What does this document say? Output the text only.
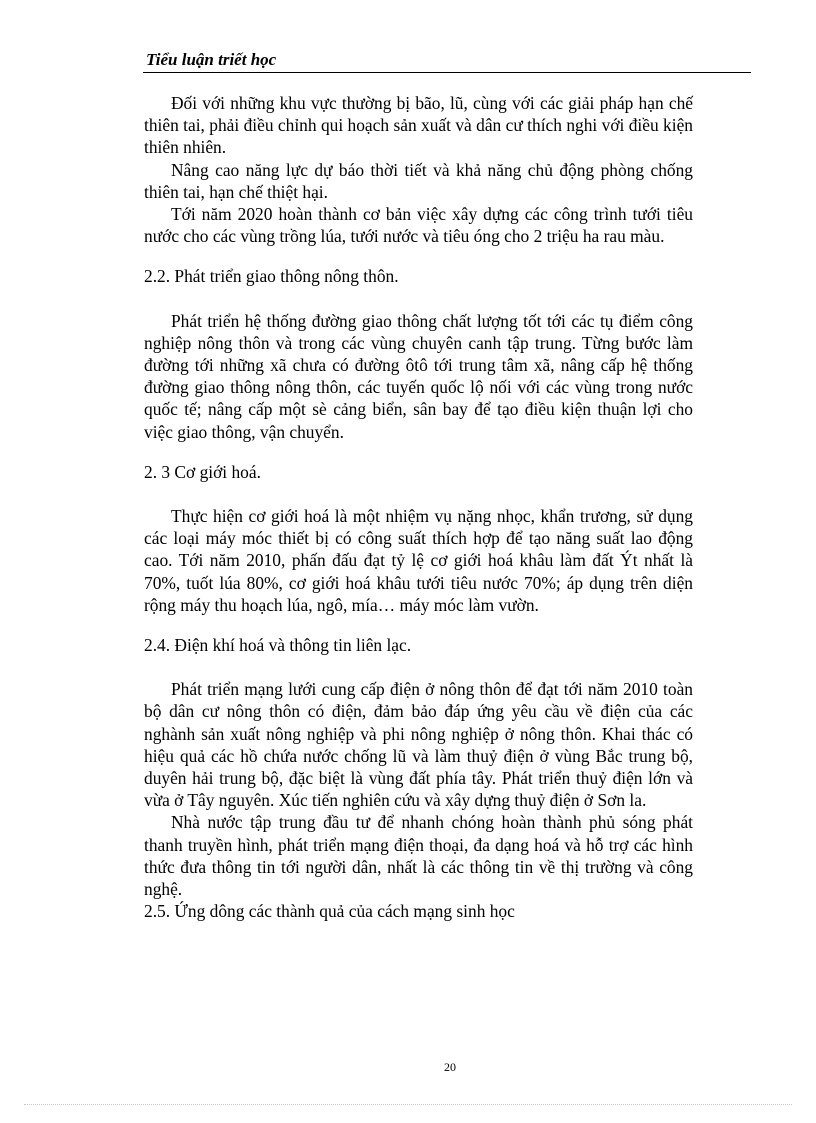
Tiểu luận triết học

Đối với những khu vực thường bị bão, lũ, cùng với các giải pháp hạn chế thiên tai, phải điều chỉnh qui hoạch sản xuất và dân cư thích nghi với điều kiện thiên nhiên.

Nâng cao năng lực dự báo thời tiết và khả năng chủ động phòng chống thiên tai, hạn chế thiệt hại.

Tới năm 2020 hoàn thành cơ bản việc xây dựng các công trình tưới tiêu nước cho các vùng trồng lúa, tưới nước và tiêu óng cho 2 triệu ha rau màu.

2.2. Phát triển giao thông nông thôn.

Phát triển hệ thống đường giao thông chất lượng tốt tới các tụ điểm công nghiệp nông thôn và trong các vùng chuyên canh tập trung. Từng bước làm đường tới những xã chưa có đường ôtô tới trung tâm xã, nâng cấp hệ thống đường giao thông nông thôn, các tuyến quốc lộ nối với các vùng trong nước quốc tế; nâng cấp một sè cảng biển, sân bay để tạo điều kiện thuận lợi cho việc giao thông, vận chuyển.

2. 3 Cơ giới hoá.

Thực hiện cơ giới hoá là một nhiệm vụ nặng nhọc, khẩn trương, sử dụng các loại máy móc thiết bị có công suất thích hợp để tạo năng suất lao động cao. Tới năm 2010, phấn đấu đạt tỷ lệ cơ giới hoá khâu làm đất Ýt nhất là 70%, tuốt lúa 80%, cơ giới hoá khâu tưới tiêu nước 70%; áp dụng trên diện rộng máy thu hoạch lúa, ngô, mía… máy móc làm vườn.

2.4. Điện khí hoá và thông tin liên lạc.

Phát triển mạng lưới cung cấp điện ở nông thôn để đạt tới năm 2010 toàn bộ dân cư nông thôn có điện, đảm bảo đáp ứng yêu cầu về điện của các nghành sản xuất nông nghiệp và phi nông nghiệp ở nông thôn. Khai thác có hiệu quả các hồ chứa nước chống lũ và làm thuỷ điện ở vùng Bắc trung bộ, duyên hải trung bộ, đặc biệt là vùng đất phía tây. Phát triển thuỷ điện lớn và vừa ở Tây nguyên. Xúc tiến nghiên cứu và xây dựng thuỷ điện ở Sơn la.

Nhà nước tập trung đầu tư để nhanh chóng hoàn thành phủ sóng phát thanh truyền hình, phát triển mạng điện thoại, đa dạng hoá và hỗ trợ các hình thức đưa thông tin tới người dân, nhất là các thông tin về thị trường và công nghệ.

2.5. Ứng dông các thành quả của cách mạng sinh học

20
